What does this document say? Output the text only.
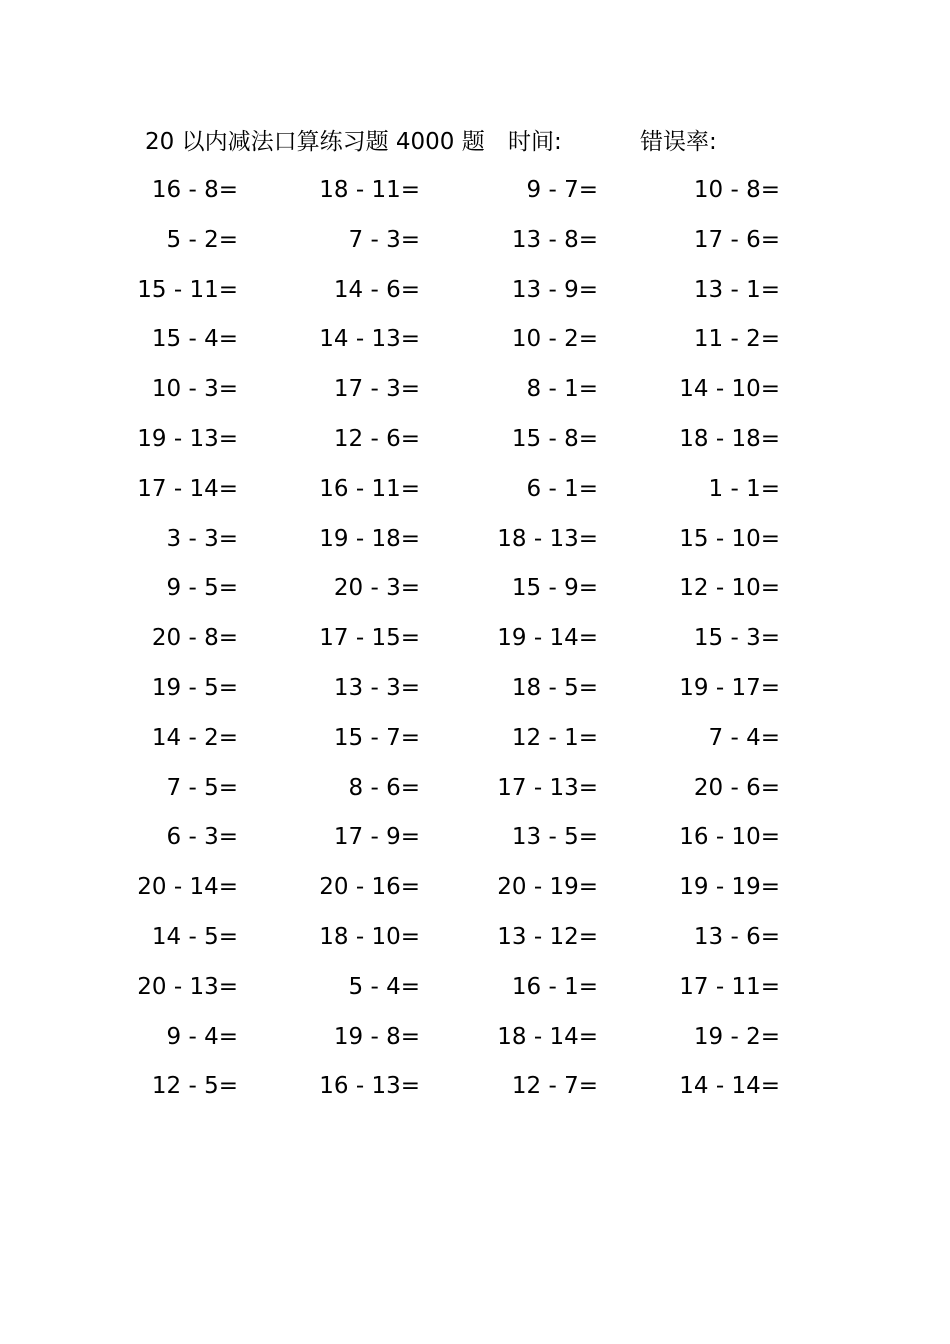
20 以内减法口算练习题 4000 题 时间:	错误率:
16 - 8=	18 - 11=	9 - 7=	10 - 8=
5 - 2=	7 - 3=	13 - 8=	17 - 6=
15 - 11=	14 - 6=	13 - 9=	13 - 1=
15 - 4=	14 - 13=	10 - 2=	11 - 2=
10 - 3=	17 - 3=	8 - 1=	14 - 10=
19 - 13=	12 - 6=	15 - 8=	18 - 18=
17 - 14=	16 - 11=	6 - 1=	1 - 1=
3 - 3=	19 - 18=	18 - 13=	15 - 10=
9 - 5=	20 - 3=	15 - 9=	12 - 10=
20 - 8=	17 - 15=	19 - 14=	15 - 3=
19 - 5=	13 - 3=	18 - 5=	19 - 17=
14 - 2=	15 - 7=	12 - 1=	7 - 4=
7 - 5=	8 - 6=	17 - 13=	20 - 6=
6 - 3=	17 - 9=	13 - 5=	16 - 10=
20 - 14=	20 - 16=	20 - 19=	19 - 19=
14 - 5=	18 - 10=	13 - 12=	13 - 6=
20 - 13=	5 - 4=	16 - 1=	17 - 11=
9 - 4=	19 - 8=	18 - 14=	19 - 2=
12 - 5=	16 - 13=	12 - 7=	14 - 14=
